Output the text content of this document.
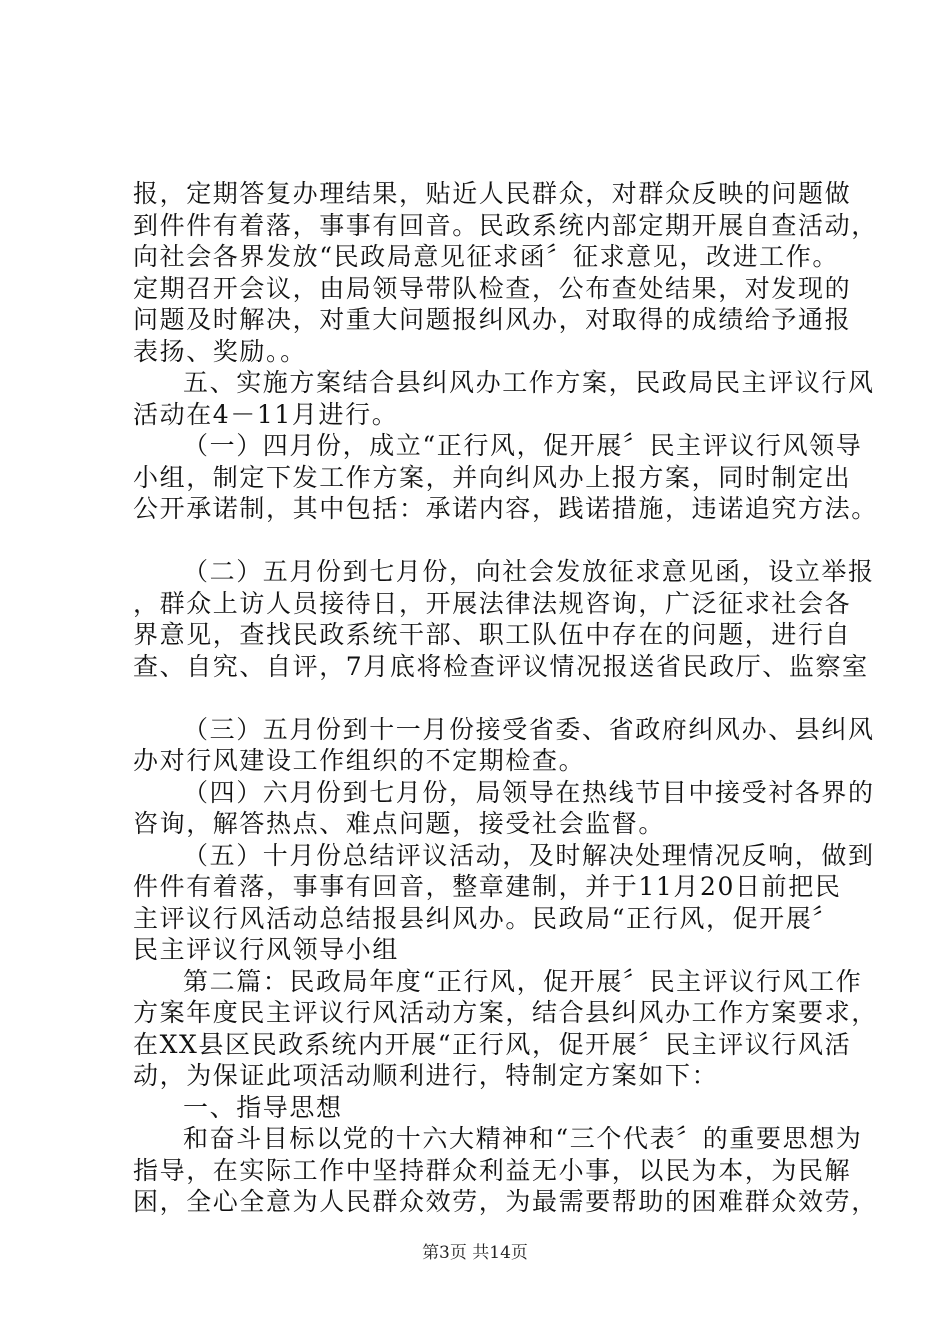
报，定期答复办理结果，贴近人民群众，对群众反映的问题做
到件件有着落，事事有回音。民政系统内部定期开展自查活动，
向社会各界发放“民政局意见征求函〞征求意见，改进工作。
定期召开会议，由局领导带队检查，公布查处结果，对发现的
问题及时解决，对重大问题报纠风办，对取得的成绩给予通报
表扬、奖励。。
五、实施方案结合县纠风办工作方案，民政局民主评议行风
活动在4－11月进行。
（一）四月份，成立“正行风，促开展〞民主评议行风领导
小组，制定下发工作方案，并向纠风办上报方案，同时制定出
公开承诺制，其中包括：承诺内容，践诺措施，违诺追究方法。
（二）五月份到七月份，向社会发放征求意见函，设立举报
，群众上访人员接待日，开展法律法规咨询，广泛征求社会各
界意见，查找民政系统干部、职工队伍中存在的问题，进行自
查、自究、自评，7月底将检查评议情况报送省民政厅、监察室
（三）五月份到十一月份接受省委、省政府纠风办、县纠风
办对行风建设工作组织的不定期检查。
（四）六月份到七月份，局领导在热线节目中接受衬各界的
咨询，解答热点、难点问题，接受社会监督。
（五）十月份总结评议活动，及时解决处理情况反响，做到
件件有着落，事事有回音，整章建制，并于11月20日前把民
主评议行风活动总结报县纠风办。民政局“正行风，促开展〞
民主评议行风领导小组
第二篇：民政局年度“正行风，促开展〞民主评议行风工作
方案年度民主评议行风活动方案，结合县纠风办工作方案要求，
在XX县区民政系统内开展“正行风，促开展〞民主评议行风活
动，为保证此项活动顺利进行，特制定方案如下：
一、指导思想
和奋斗目标以党的十六大精神和“三个代表〞的重要思想为
指导，在实际工作中坚持群众利益无小事，以民为本，为民解
困，全心全意为人民群众效劳，为最需要帮助的困难群众效劳，
第3页 共14页
